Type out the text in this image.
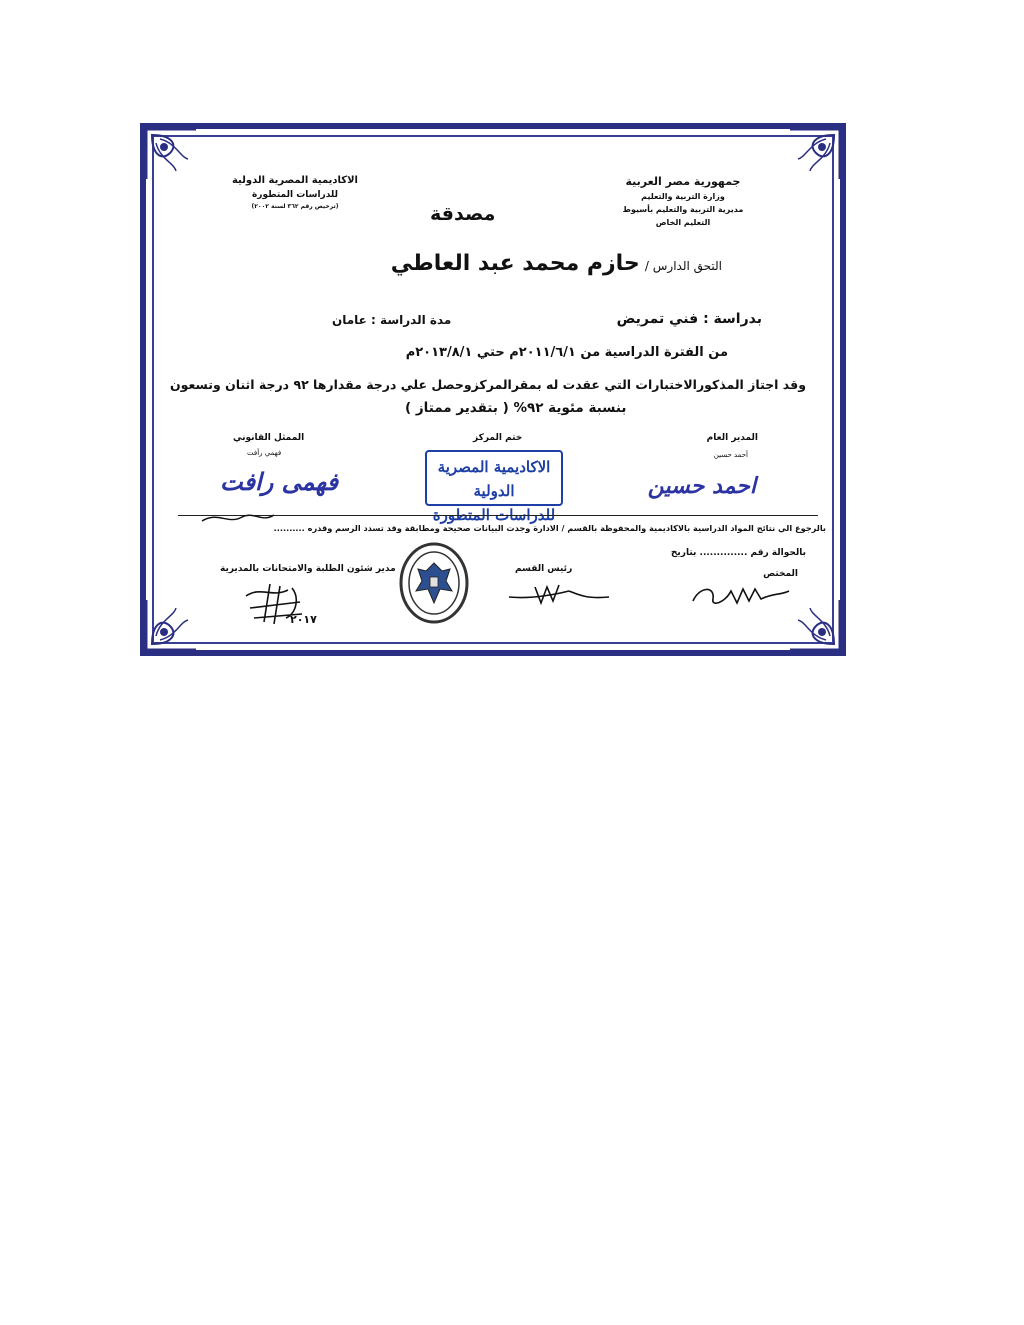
جمهورية مصر العربية
وزارة التربية والتعليم
مديرية التربية والتعليم بأسيوط
التعليم الخاص
الاكاديمية المصرية الدولية
للدراسات المتطورة
(ترخيص رقم ٣٦٢ لسنة ٢٠٠٢)	مصدقة
التحق الدارس / حازم محمد عبد العاطي
بدراسة : فني تمريض
مدة الدراسة : عامان
من الفترة الدراسية من ٢٠١١/٦/١م حتي ٢٠١٣/٨/١م
وقد اجتاز المذكورالاختبارات التي عقدت له بمقرالمركزوحصل علي درجة مقدارها ٩٢ درجة اثنان وتسعون
بنسبة مئوية ٩٢% ( بتقدير ممتاز )
المدير العام
أحمد حسين
احمد حسين
ختم المركز
الاكاديمية المصرية الدولية
للدراسات المتطورة
الممثل القانوني
فهمي رأفت
فهمى رافت
بالرجوع الي نتائج المواد الدراسية بالاكاديمية والمحفوظة بالقسم / الادارة وجدت البيانات صحيحة ومطابقة وقد تسدد الرسم وقدره ..........
بالحوالة رقم .............. بتاريخ
المختص
رئيس القسم
مدير شئون الطلبة والامتحانات بالمديرية
٢٠١٧
